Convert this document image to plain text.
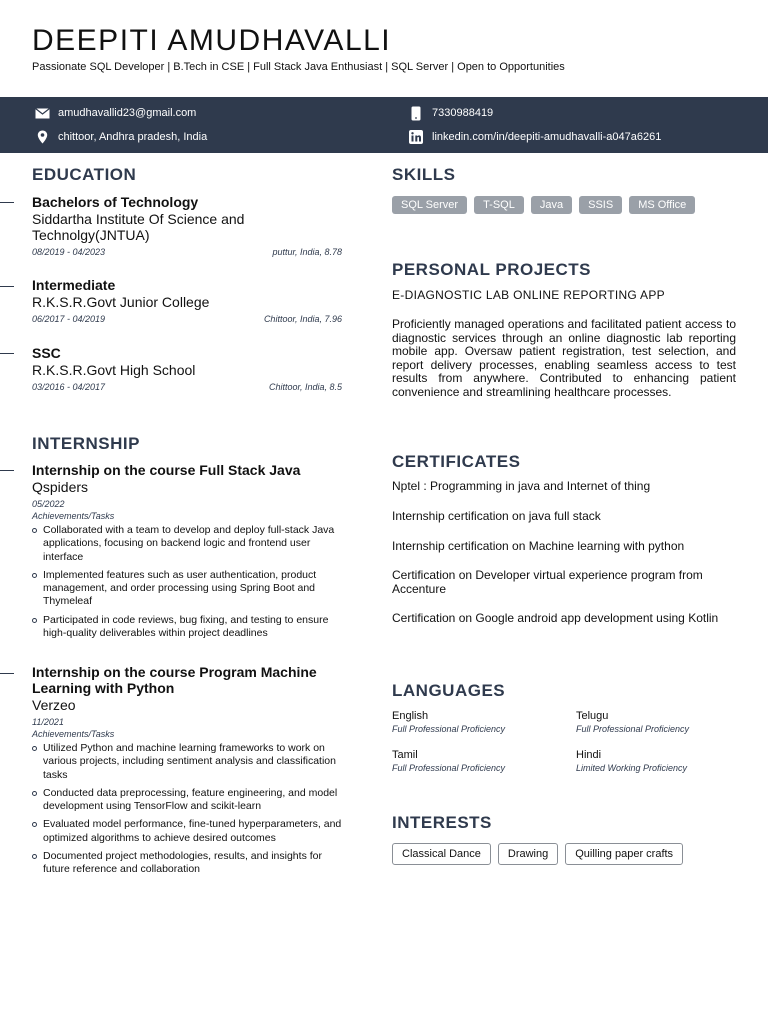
DEEPITI AMUDHAVALLI
Passionate SQL Developer | B.Tech in CSE | Full Stack Java Enthusiast | SQL Server | Open to Opportunities
amudhavallid23@gmail.com	7330988419
chittoor, Andhra pradesh, India	linkedin.com/in/deepiti-amudhavalli-a047a6261
EDUCATION
Bachelors of Technology
Siddartha Institute Of Science and Technolgy(JNTUA)
08/2019 - 04/2023	puttur, India, 8.78
Intermediate
R.K.S.R.Govt Junior College
06/2017 - 04/2019	Chittoor, India, 7.96
SSC
R.K.S.R.Govt High School
03/2016 - 04/2017	Chittoor, India, 8.5
INTERNSHIP
Internship on the course Full Stack Java
Qspiders
05/2022
Achievements/Tasks
Collaborated with a team to develop and deploy full-stack Java applications, focusing on backend logic and frontend user interface
Implemented features such as user authentication, product management, and order processing using Spring Boot and Thymeleaf
Participated in code reviews, bug fixing, and testing to ensure high-quality deliverables within project deadlines
Internship on the course Program Machine Learning with Python
Verzeo
11/2021
Achievements/Tasks
Utilized Python and machine learning frameworks to work on various projects, including sentiment analysis and classification tasks
Conducted data preprocessing, feature engineering, and model development using TensorFlow and scikit-learn
Evaluated model performance, fine-tuned hyperparameters, and optimized algorithms to achieve desired outcomes
Documented project methodologies, results, and insights for future reference and collaboration
SKILLS
SQL Server	T-SQL	Java	SSIS	MS Office
PERSONAL PROJECTS
E-DIAGNOSTIC LAB ONLINE REPORTING APP
Proficiently managed operations and facilitated patient access to diagnostic services through an online diagnostic lab reporting mobile app. Oversaw patient registration, test selection, and report delivery processes, enabling seamless access to test results from anywhere. Contributed to enhancing patient convenience and streamlining healthcare processes.
CERTIFICATES
Nptel : Programming in java and Internet of thing
Internship certification on java full stack
Internship certification on Machine learning with python
Certification on Developer virtual experience program from Accenture
Certification on Google android app development using Kotlin
LANGUAGES
English
Full Professional Proficiency
Telugu
Full Professional Proficiency
Tamil
Full Professional Proficiency
Hindi
Limited Working Proficiency
INTERESTS
Classical Dance	Drawing	Quilling paper crafts
